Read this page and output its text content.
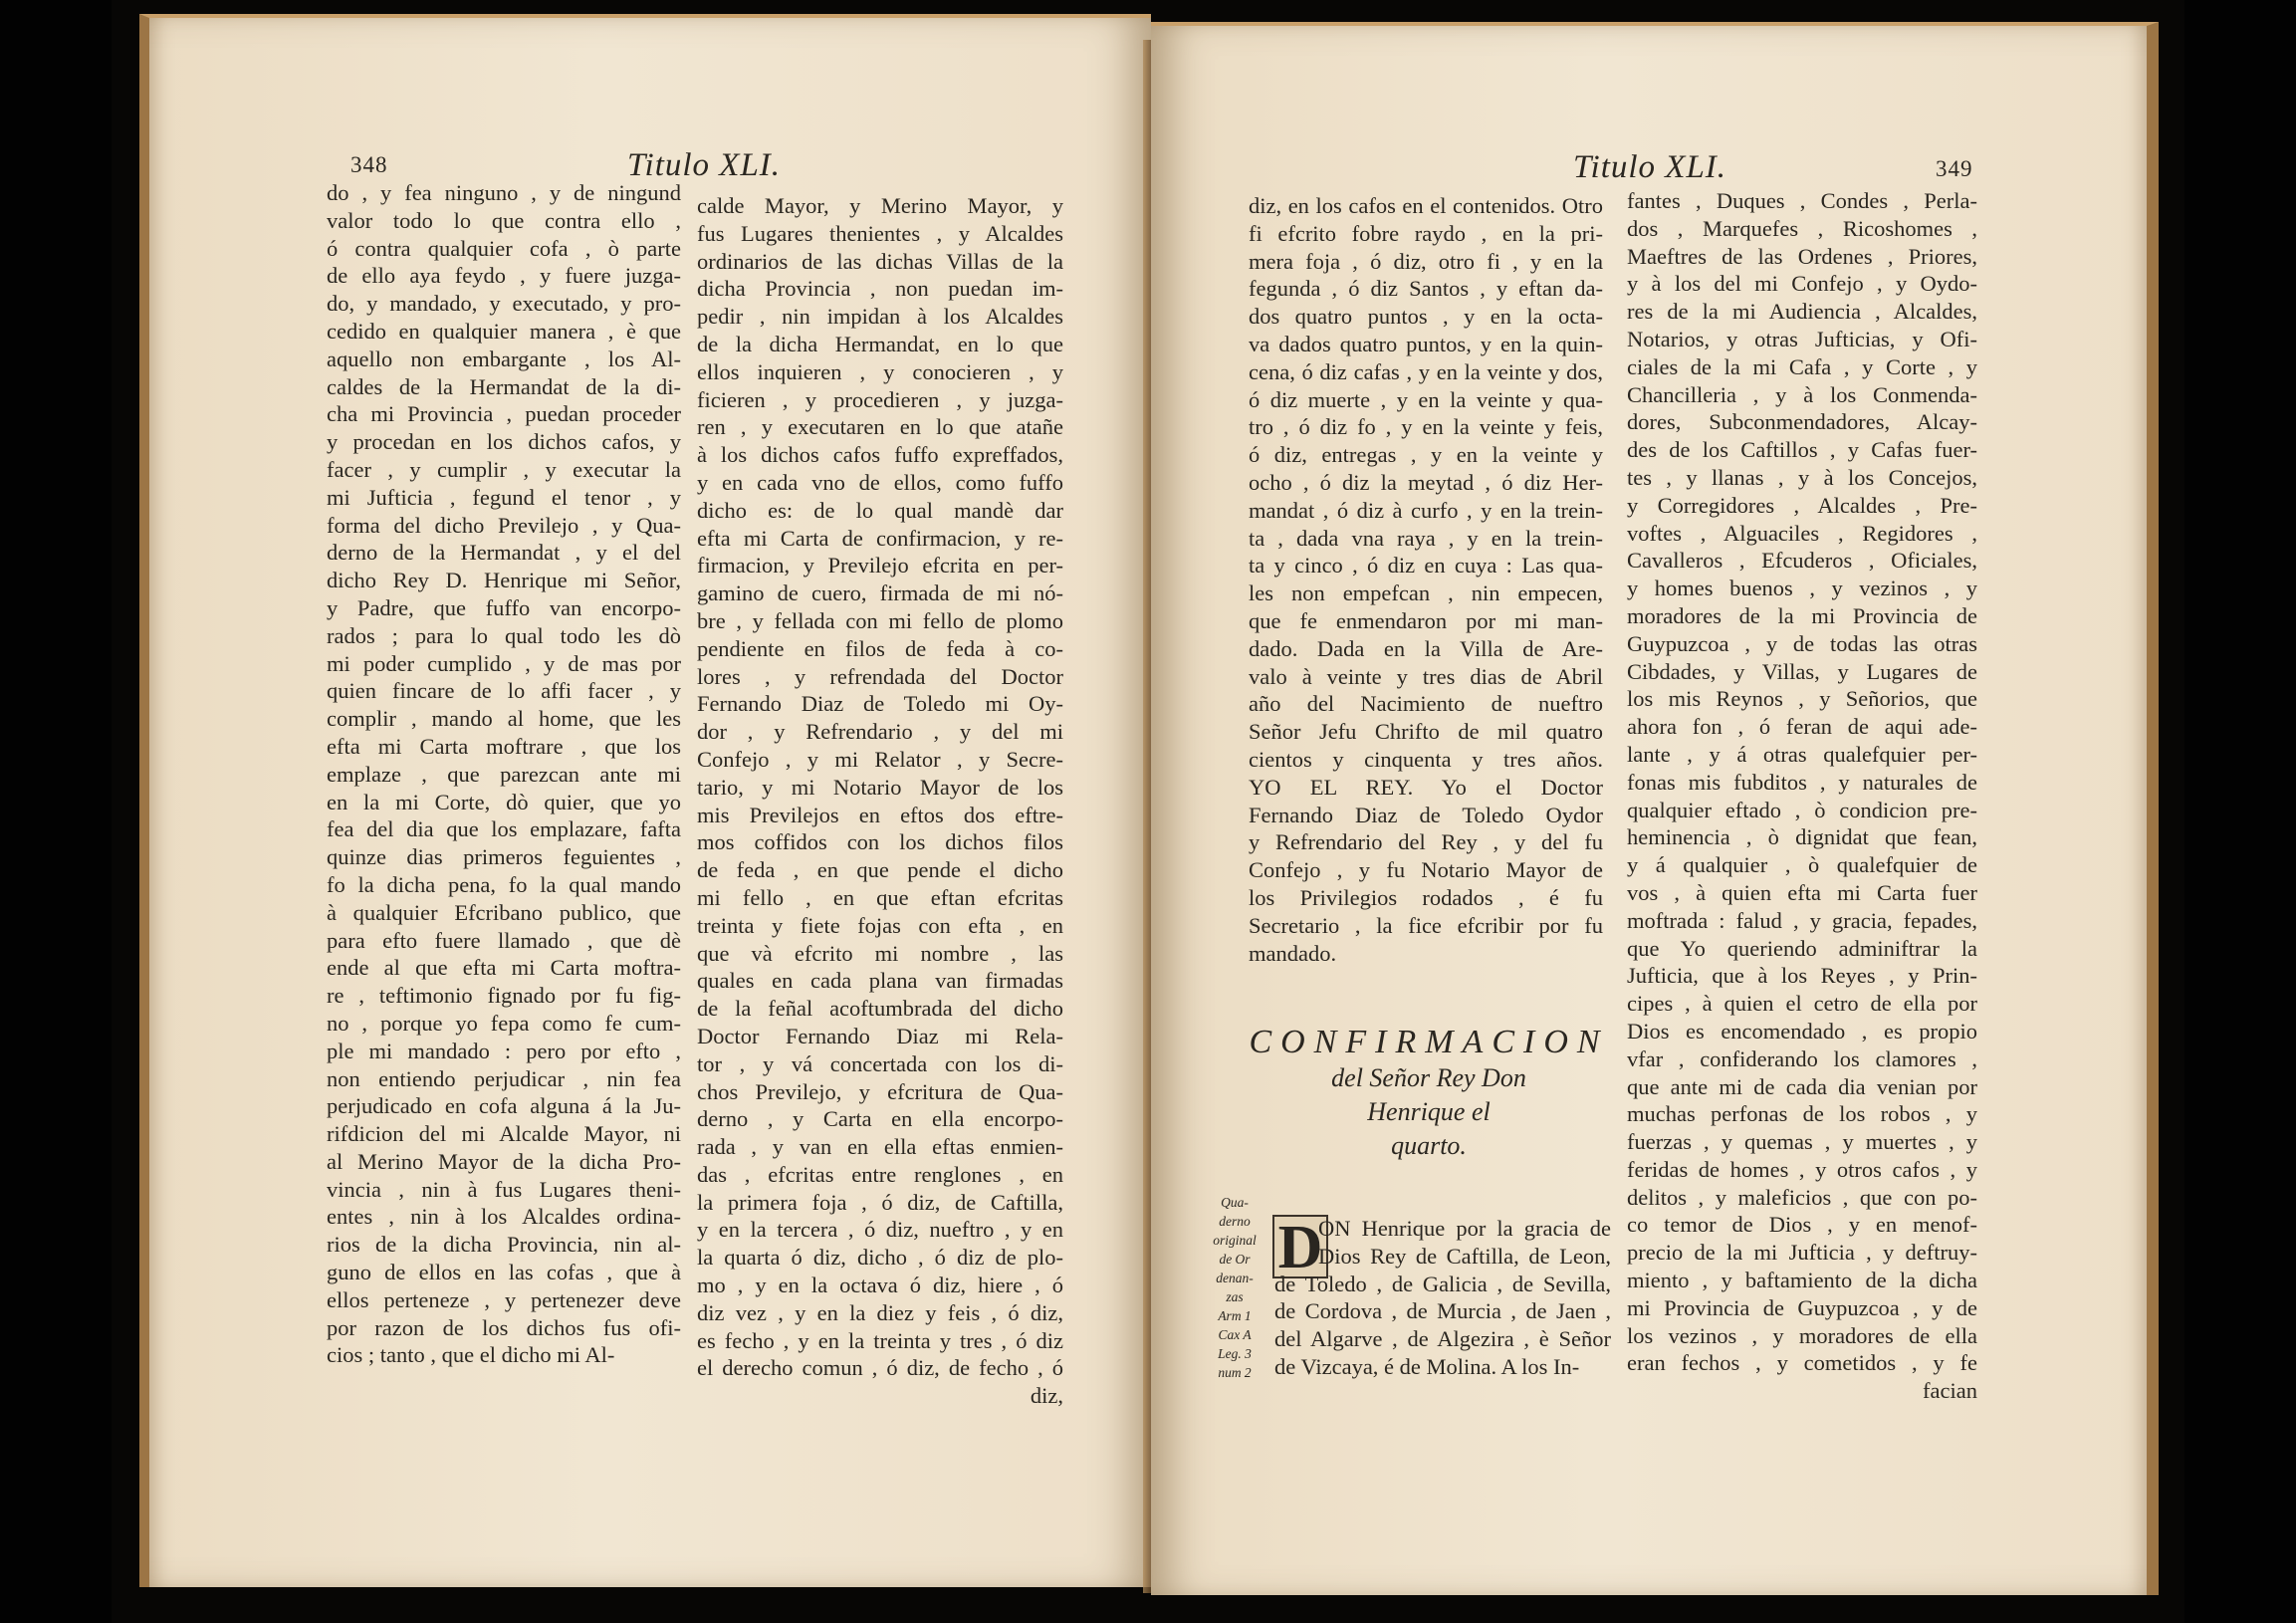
348	Titulo XLI.
do , y fea ninguno , y de ningund
valor todo lo que contra ello ,
ó contra qualquier cofa , ò parte
de ello aya feydo , y fuere juzga-
do, y mandado, y executado, y pro-
cedido en qualquier manera , è que
aquello non embargante , los Al-
caldes de la Hermandat de la di-
cha mi Provincia , puedan proceder
y procedan en los dichos cafos, y
facer , y cumplir , y executar la
mi Jufticia , fegund el tenor , y
forma del dicho Previlejo , y Qua-
derno de la Hermandat , y el del
dicho Rey D. Henrique mi Señor,
y Padre, que fuffo van encorpo-
rados ; para lo qual todo les dò
mi poder cumplido , y de mas por
quien fincare de lo affi facer , y
complir , mando al home, que les
efta mi Carta moftrare , que los
emplaze , que parezcan ante mi
en la mi Corte, dò quier, que yo
fea del dia que los emplazare, fafta
quinze dias primeros feguientes ,
fo la dicha pena, fo la qual mando
à qualquier Efcribano publico, que
para efto fuere llamado , que dè
ende al que efta mi Carta moftra-
re , teftimonio fignado por fu fig-
no , porque yo fepa como fe cum-
ple mi mandado : pero por efto ,
non entiendo perjudicar , nin fea
perjudicado en cofa alguna á la Ju-
rifdicion del mi Alcalde Mayor, ni
al Merino Mayor de la dicha Pro-
vincia , nin à fus Lugares theni-
entes , nin à los Alcaldes ordina-
rios de la dicha Provincia, nin al-
guno de ellos en las cofas , que à
ellos perteneze , y pertenezer deve
por razon de los dichos fus ofi-
cios ; tanto , que el dicho mi Al-
calde Mayor, y Merino Mayor, y
fus Lugares thenientes , y Alcaldes
ordinarios de las dichas Villas de la
dicha Provincia , non puedan im-
pedir , nin impidan à los Alcaldes
de la dicha Hermandat, en lo que
ellos inquieren , y conocieren , y
ficieren , y procedieren , y juzga-
ren , y executaren en lo que atañe
à los dichos cafos fuffo expreffados,
y en cada vno de ellos, como fuffo
dicho es: de lo qual mandè dar
efta mi Carta de confirmacion, y re-
firmacion, y Previlejo efcrita en per-
gamino de cuero, firmada de mi nó-
bre , y fellada con mi fello de plomo
pendiente en filos de feda à co-
lores , y refrendada del Doctor
Fernando Diaz de Toledo mi Oy-
dor , y Refrendario , y del mi
Confejo , y mi Relator , y Secre-
tario, y mi Notario Mayor de los
mis Previlejos en eftos dos eftre-
mos coffidos con los dichos filos
de feda , en que pende el dicho
mi fello , en que eftan efcritas
treinta y fiete fojas con efta , en
que và efcrito mi nombre , las
quales en cada plana van firmadas
de la feñal acoftumbrada del dicho
Doctor Fernando Diaz mi Rela-
tor , y vá concertada con los di-
chos Previlejo, y efcritura de Qua-
derno , y Carta en ella encorpo-
rada , y van en ella eftas enmien-
das , efcritas entre renglones , en
la primera foja , ó diz, de Caftilla,
y en la tercera , ó diz, nueftro , y en
la quarta ó diz, dicho , ó diz de plo-
mo , y en la octava ó diz, hiere , ó
diz vez , y en la diez y feis , ó diz,
es fecho , y en la treinta y tres , ó diz
el derecho comun , ó diz, de fecho , ó
diz,
Titulo XLI.	349
diz, en los cafos en el contenidos. Otro
fi efcrito fobre raydo , en la pri-
mera foja , ó diz, otro fi , y en la
fegunda , ó diz Santos , y eftan da-
dos quatro puntos , y en la octa-
va dados quatro puntos, y en la quin-
cena, ó diz cafas , y en la veinte y dos,
ó diz muerte , y en la veinte y qua-
tro , ó diz fo , y en la veinte y feis,
ó diz, entregas , y en la veinte y
ocho , ó diz la meytad , ó diz Her-
mandat , ó diz à curfo , y en la trein-
ta , dada vna raya , y en la trein-
ta y cinco , ó diz en cuya : Las qua-
les non empefcan , nin empecen,
que fe enmendaron por mi man-
dado. Dada en la Villa de Are-
valo à veinte y tres dias de Abril
año del Nacimiento de nueftro
Señor Jefu Chrifto de mil quatro
cientos y cinquenta y tres años.
YO EL REY. Yo el Doctor
Fernando Diaz de Toledo Oydor
y Refrendario del Rey , y del fu
Confejo , y fu Notario Mayor de
los Privilegios rodados , é fu
Secretario , la fice efcribir por fu
mandado.
CONFIRMACION
del Señor Rey Don
Henrique el
quarto.
Qua-
derno
original
de Or
denan-
zas
Arm 1
Cax A
Leg. 3
num 2
D
ON Henrique por la gracia de
Dios Rey de Caftilla, de Leon,
de Toledo , de Galicia , de Sevilla,
de Cordova , de Murcia , de Jaen ,
del Algarve , de Algezira , è Señor
de Vizcaya, é de Molina. A los In-
fantes , Duques , Condes , Perla-
dos , Marquefes , Ricoshomes ,
Maeftres de las Ordenes , Priores,
y à los del mi Confejo , y Oydo-
res de la mi Audiencia , Alcaldes,
Notarios, y otras Jufticias, y Ofi-
ciales de la mi Cafa , y Corte , y
Chancilleria , y à los Conmenda-
dores, Subconmendadores, Alcay-
des de los Caftillos , y Cafas fuer-
tes , y llanas , y à los Concejos,
y Corregidores , Alcaldes , Pre-
voftes , Alguaciles , Regidores ,
Cavalleros , Efcuderos , Oficiales,
y homes buenos , y vezinos , y
moradores de la mi Provincia de
Guypuzcoa , y de todas las otras
Cibdades, y Villas, y Lugares de
los mis Reynos , y Señorios, que
ahora fon , ó feran de aqui ade-
lante , y á otras qualefquier per-
fonas mis fubditos , y naturales de
qualquier eftado , ò condicion pre-
heminencia , ò dignidat que fean,
y á qualquier , ò qualefquier de
vos , à quien efta mi Carta fuer
moftrada : falud , y gracia, fepades,
que Yo queriendo adminiftrar la
Jufticia, que à los Reyes , y Prin-
cipes , à quien el cetro de ella por
Dios es encomendado , es propio
vfar , confiderando los clamores ,
que ante mi de cada dia venian por
muchas perfonas de los robos , y
fuerzas , y quemas , y muertes , y
feridas de homes , y otros cafos , y
delitos , y maleficios , que con po-
co temor de Dios , y en menof-
precio de la mi Jufticia , y deftruy-
miento , y baftamiento de la dicha
mi Provincia de Guypuzcoa , y de
los vezinos , y moradores de ella
eran fechos , y cometidos , y fe
facian
